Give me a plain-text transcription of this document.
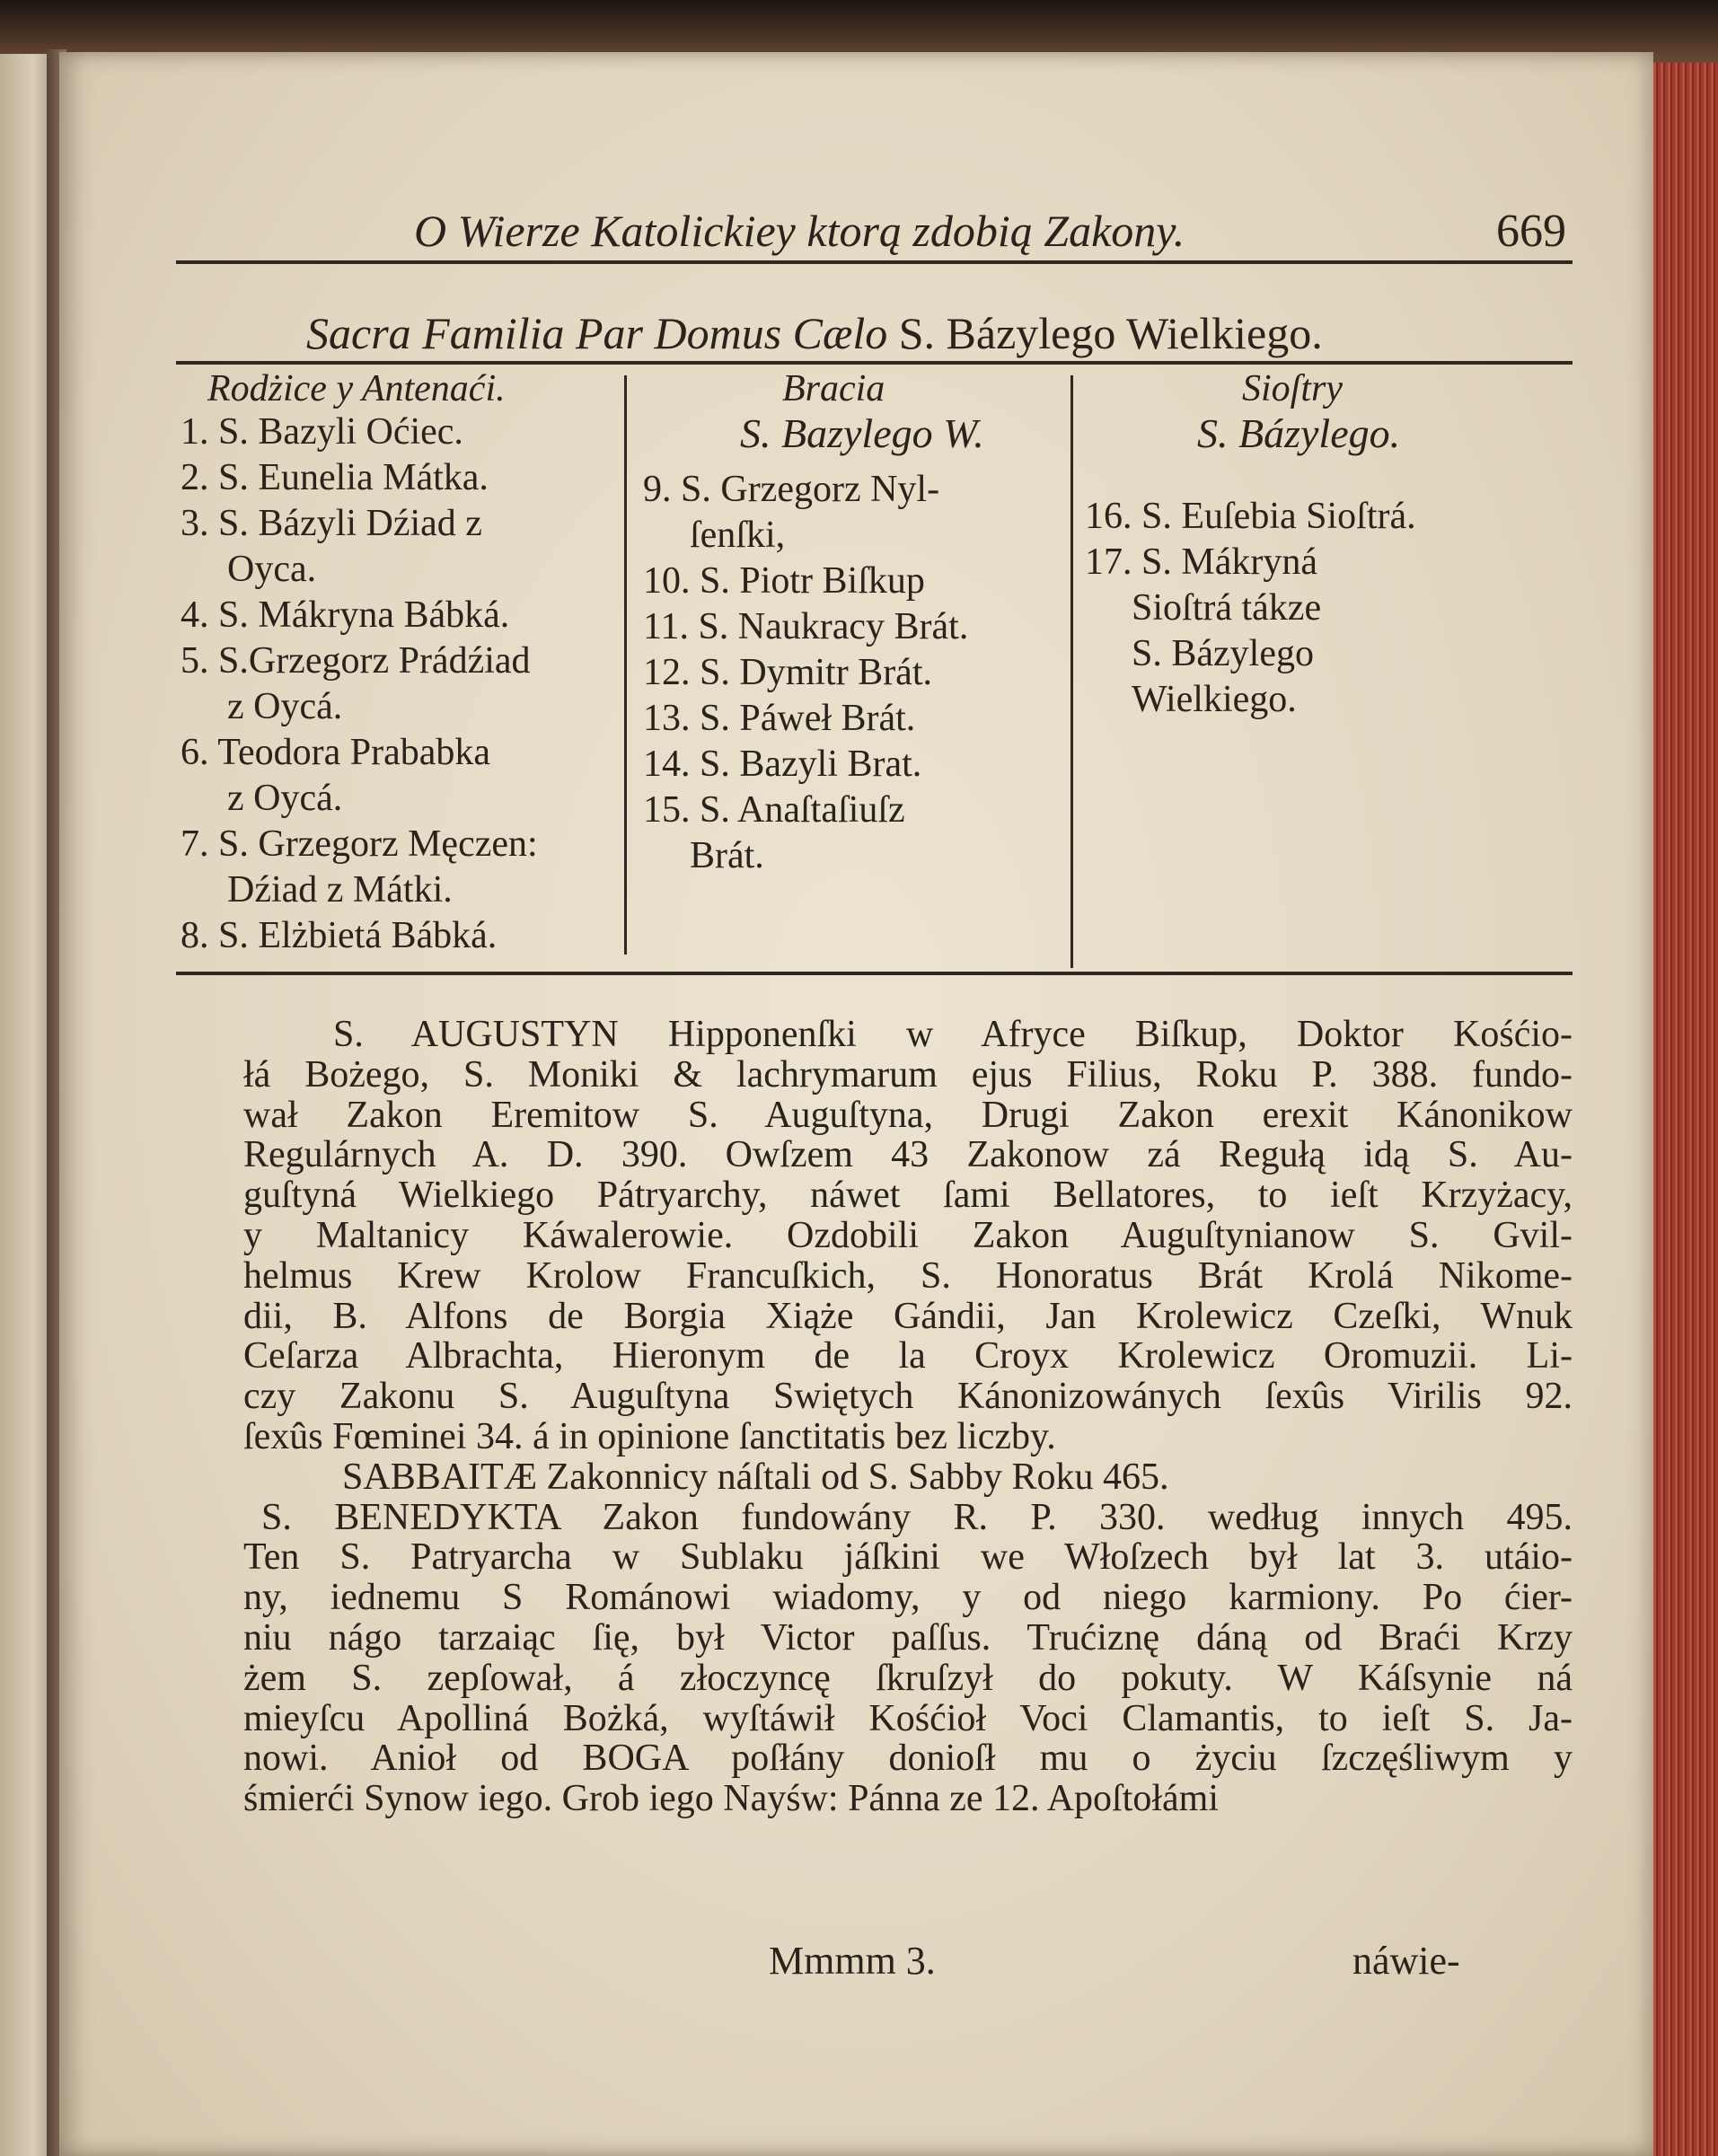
O Wierze Katolickiey ktorą zdobią Zakony.	669
Sacra Familia Par Domus Cælo S. Bázylego Wielkiego.
Rodżice y Antenaći.
1. S. Bazyli Oćiec.
2. S. Eunelia Mátka.
3. S. Bázyli Dźiad z
Oyca.
4. S. Mákryna Bábká.
5. S.Grzegorz Prádźiad
z Oycá.
6. Teodora Prababka
z Oycá.
7. S. Grzegorz Męczen:
Dźiad z Mátki.
8. S. Elżbietá Bábká.
Bracia
S. Bazylego W.
9. S. Grzegorz Nyl-
ſenſki,
10. S. Piotr Biſkup
11. S. Naukracy Brát.
12. S. Dymitr Brát.
13. S. Páweł Brát.
14. S. Bazyli Brat.
15. S. Anaſtaſiuſz
Brát.
Sioſtry
S. Bázylego.
16. S. Euſebia Sioſtrá.
17. S. Mákryná
Sioſtrá tákze
S. Bázylego
Wielkiego.
S. AUGUSTYN Hipponenſki w Afryce Biſkup, Doktor Kośćio-
łá Bożego, S. Moniki & lachrymarum ejus Filius, Roku P. 388. fundo-
wał Zakon Eremitow S. Auguſtyna, Drugi Zakon erexit Kánonikow
Regulárnych A. D. 390. Owſzem 43 Zakonow zá Regułą idą S. Au-
guſtyná Wielkiego Pátryarchy, náwet ſami Bellatores, to ieſt Krzyżacy,
y Maltanicy Káwalerowie. Ozdobili Zakon Auguſtynianow S. Gvil-
helmus Krew Krolow Francuſkich, S. Honoratus Brát Krolá Nikome-
dii, B. Alfons de Borgia Xiąże Gándii, Jan Krolewicz Czeſki, Wnuk
Ceſarza Albrachta, Hieronym de la Croyx Krolewicz Oromuzii. Li-
czy Zakonu S. Auguſtyna Swiętych Kánonizowánych ſexûs Virilis 92.
ſexûs Fœminei 34. á in opinione ſanctitatis bez liczby.

SABBAITÆ Zakonnicy náſtali od S. Sabby Roku 465.

S. BENEDYKTA Zakon fundowány R. P. 330. według innych 495.
Ten S. Patryarcha w Sublaku jáſkini we Włoſzech był lat 3. utáio-
ny, iednemu S Románowi wiadomy, y od niego karmiony. Po ćier-
niu nágo tarzaiąc ſię, był Victor paſſus. Trućiznę dáną od Braći Krzy
żem S. zepſował, á złoczyncę ſkruſzył do pokuty. W Káſsynie ná
mieyſcu Apolliná Bożká, wyſtáwił Kośćioł Voci Clamantis, to ieſt S. Ja-
nowi. Anioł od BOGA poſłány donioſł mu o życiu ſzczęśliwym y
śmierći Synow iego. Grob iego Nayśw: Pánna ze 12. Apoſtołámi
Mmmm 3.	náwie-
